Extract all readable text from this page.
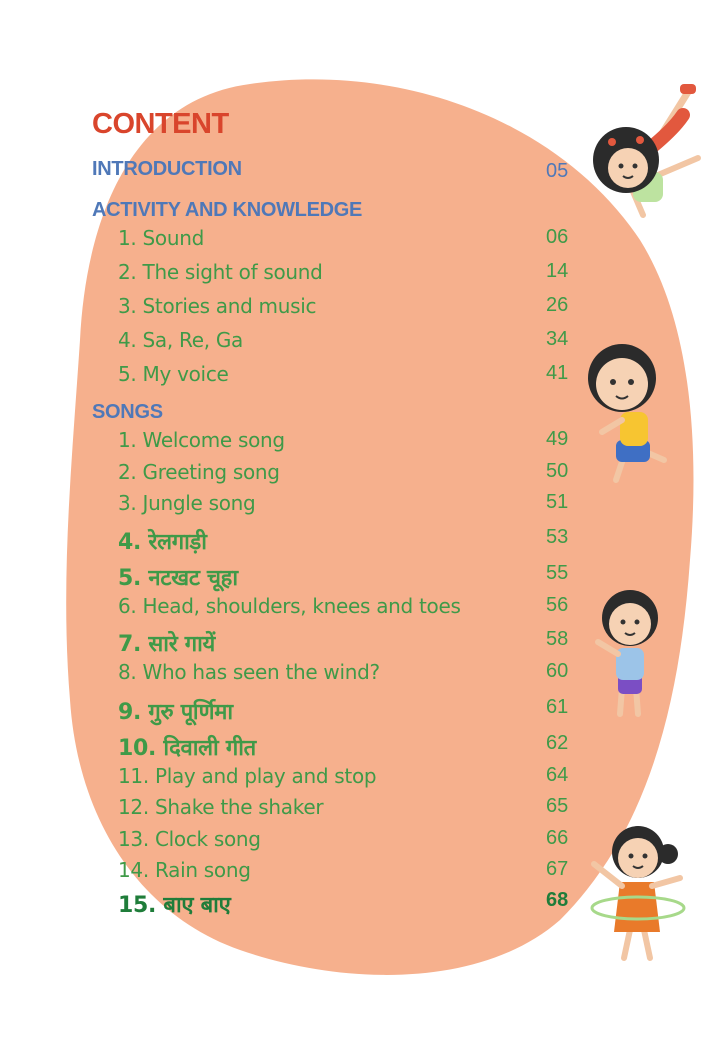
CONTENT
INTRODUCTION	05
ACTIVITY AND KNOWLEDGE
1. Sound	06
2. The sight of sound	14
3. Stories and music	26
4. Sa, Re, Ga	34
5. My voice	41
SONGS
1. Welcome song	49
2. Greeting song	50
3. Jungle song	51
4. रेलगाड़ी	53
5. नटखट चूहा	55
6. Head, shoulders, knees and toes	56
7. सारे गायें	58
8. Who has seen the wind?	60
9. गुरु पूर्णिमा	61
10. दिवाली गीत	62
11. Play and play and stop	64
12. Shake the shaker	65
13. Clock song	66
14. Rain song	67
15. बाए बाए	68
